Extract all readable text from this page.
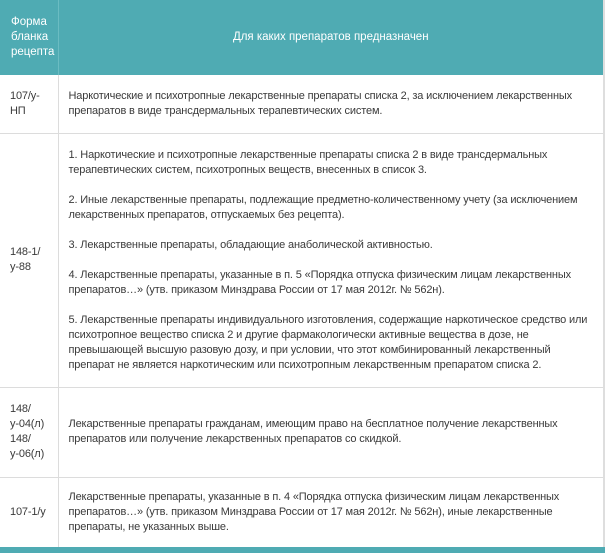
Форма бланка рецепта	Для каких препаратов предназначен
107/у-НП	Наркотические и психотропные лекарственные препараты списка 2, за исключением лекарственных препаратов в виде трансдермальных терапевтических систем.

148-1/ у-88	1. Наркотические и психотропные лекарственные препараты списка 2 в виде трансдермальных терапевтических систем, психотропных веществ, внесенных в список 3.

2. Иные лекарственные препараты, подлежащие предметно-количественному учету (за исключением лекарственных препаратов, отпускаемых без рецепта).

3. Лекарственные препараты, обладающие анаболической активностью.

4. Лекарственные препараты, указанные в п. 5 «Порядка отпуска физическим лицам лекарственных препаратов…» (утв. приказом Минздрава России от 17 мая 2012г. № 562н).

5. Лекарственные препараты индивидуального изготовления, содержащие наркотическое средство или психотропное вещество списка 2 и другие фармакологически активные вещества в дозе, не превышающей высшую разовую дозу, и при условии, что этот комбинированный лекарственный препарат не является наркотическим или психотропным лекарственным препаратом списка 2.

148/
у-04(л)
148/
у-06(л)	Лекарственные препараты гражданам, имеющим право на бесплатное получение лекарственных препаратов или получение лекарственных препаратов со скидкой.

107-1/у	Лекарственные препараты, указанные в п. 4 «Порядка отпуска физическим лицам лекарственных препаратов…» (утв. приказом Минздрава России от 17 мая 2012г. № 562н), иные лекарственные препараты, не указанных выше.
